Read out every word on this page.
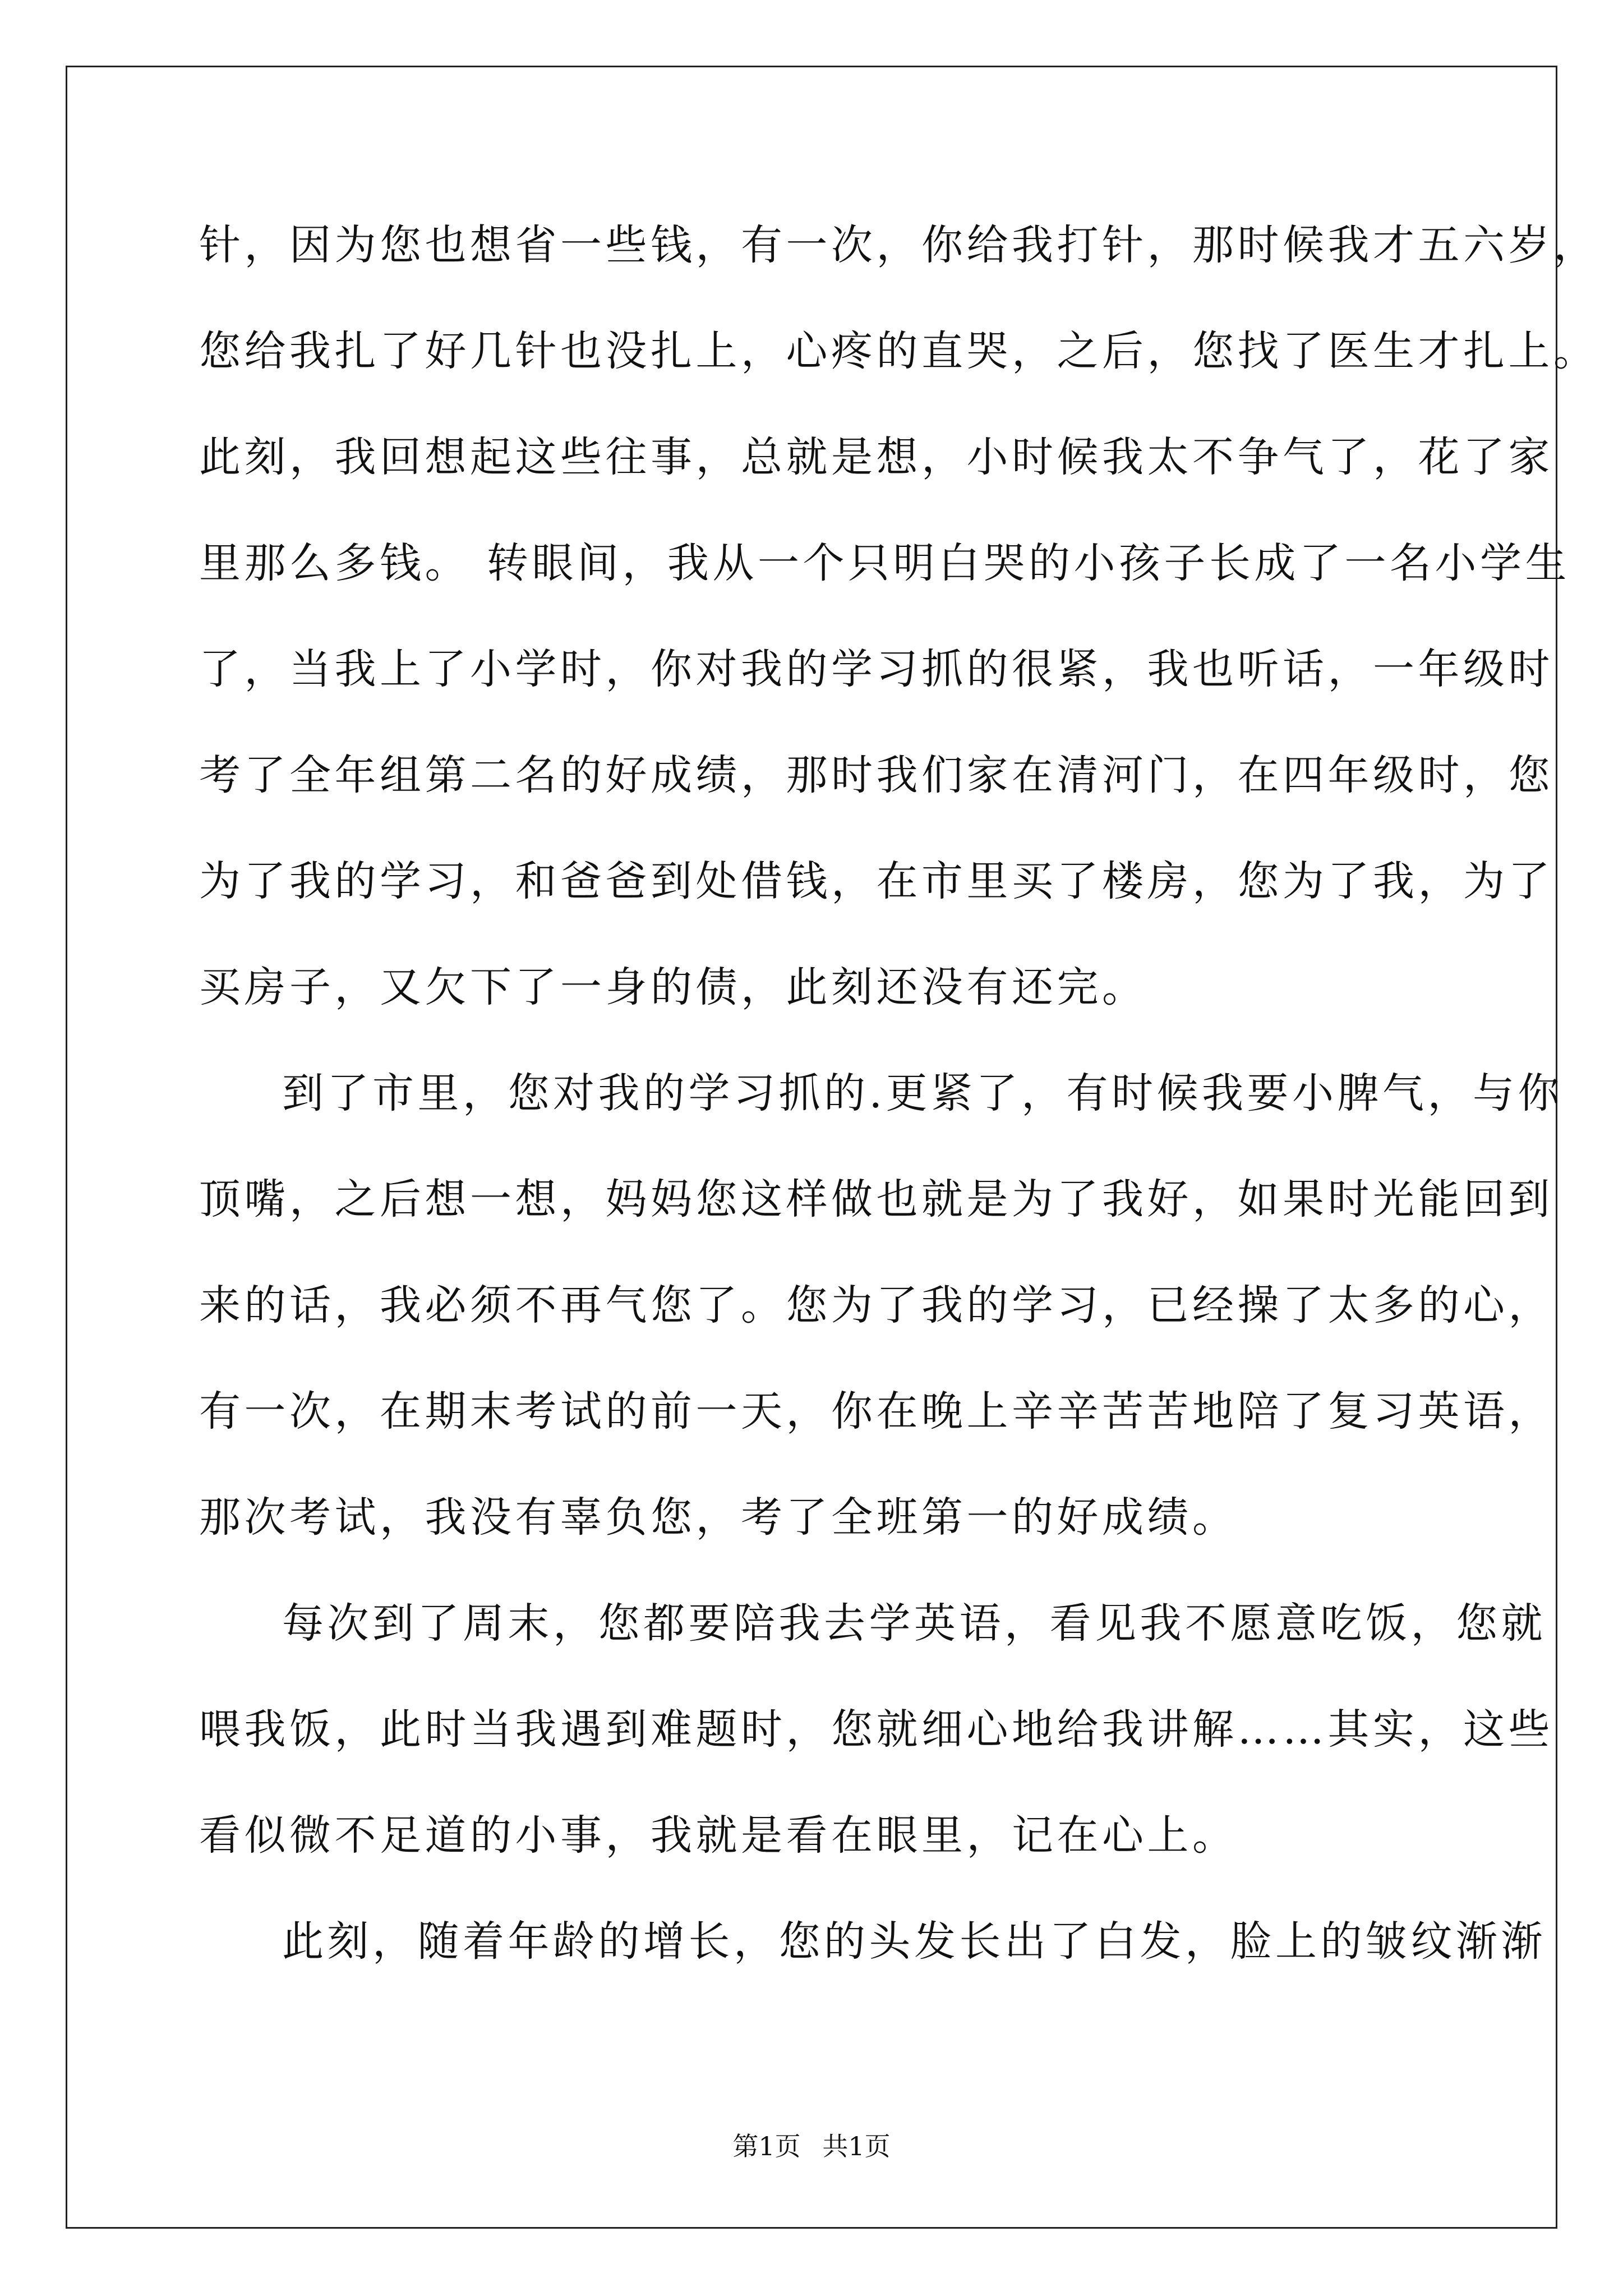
针，因为您也想省一些钱，有一次，你给我打针，那时候我才五六岁，
您给我扎了好几针也没扎上，心疼的直哭，之后，您找了医生才扎上。
此刻，我回想起这些往事，总就是想，小时候我太不争气了，花了家
里那么多钱。 转眼间，我从一个只明白哭的小孩子长成了一名小学生
了，当我上了小学时，你对我的学习抓的很紧，我也听话，一年级时
考了全年组第二名的好成绩，那时我们家在清河门，在四年级时，您
为了我的学习，和爸爸到处借钱，在市里买了楼房，您为了我，为了
买房子，又欠下了一身的债，此刻还没有还完。
到了市里，您对我的学习抓的.更紧了，有时候我要小脾气，与你
顶嘴，之后想一想，妈妈您这样做也就是为了我好，如果时光能回到
来的话，我必须不再气您了。您为了我的学习，已经操了太多的心，
有一次，在期末考试的前一天，你在晚上辛辛苦苦地陪了复习英语，
那次考试，我没有辜负您，考了全班第一的好成绩。
每次到了周末，您都要陪我去学英语，看见我不愿意吃饭，您就
喂我饭，此时当我遇到难题时，您就细心地给我讲解……其实，这些
看似微不足道的小事，我就是看在眼里，记在心上。
此刻，随着年龄的增长，您的头发长出了白发，脸上的皱纹渐渐
第1页 共1页
